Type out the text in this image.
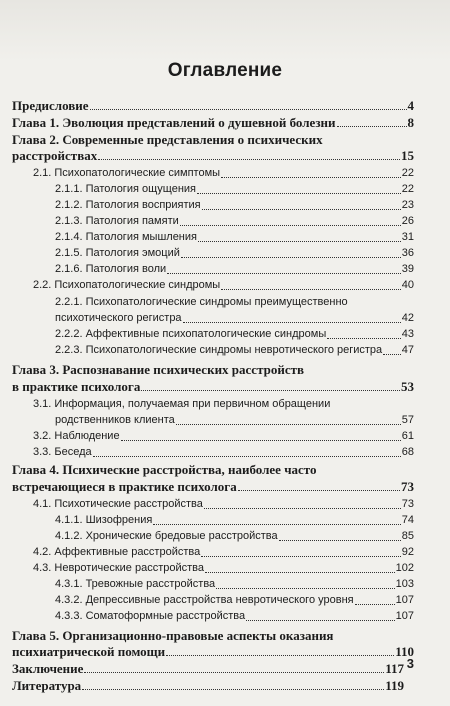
Оглавление
Предисловие	4
Глава 1. Эволюция представлений о душевной болезни	8
Глава 2. Современные представления о психических
расстройствах	15
2.1. Психопатологические симптомы	22
2.1.1. Патология ощущения	22
2.1.2. Патология восприятия	23
2.1.3. Патология памяти	26
2.1.4. Патология мышления	31
2.1.5. Патология эмоций	36
2.1.6. Патология воли	39
2.2. Психопатологические синдромы	40
2.2.1. Психопатологические синдромы преимущественно
психотического регистра	42
2.2.2. Аффективные психопатологические синдромы	43
2.2.3. Психопатологические синдромы невротического регистра 47
Глава 3. Распознавание психических расстройств
в практике психолога	53
3.1. Информация, получаемая при первичном обращении
родственников клиента	57
3.2. Наблюдение	61
3.3. Беседа	68
Глава 4. Психические расстройства, наиболее часто
встречающиеся в практике психолога	73
4.1. Психотические расстройства	73
4.1.1. Шизофрения	74
4.1.2. Хронические бредовые расстройства	85
4.2. Аффективные расстройства	92
4.3. Невротические расстройства	102
4.3.1. Тревожные расстройства	103
4.3.2. Депрессивные расстройства невротического уровня	107
4.3.3. Соматоформные расстройства	107
Глава 5. Организационно-правовые аспекты оказания
психиатрической помощи	110
Заключение	117
Литература	119
3
